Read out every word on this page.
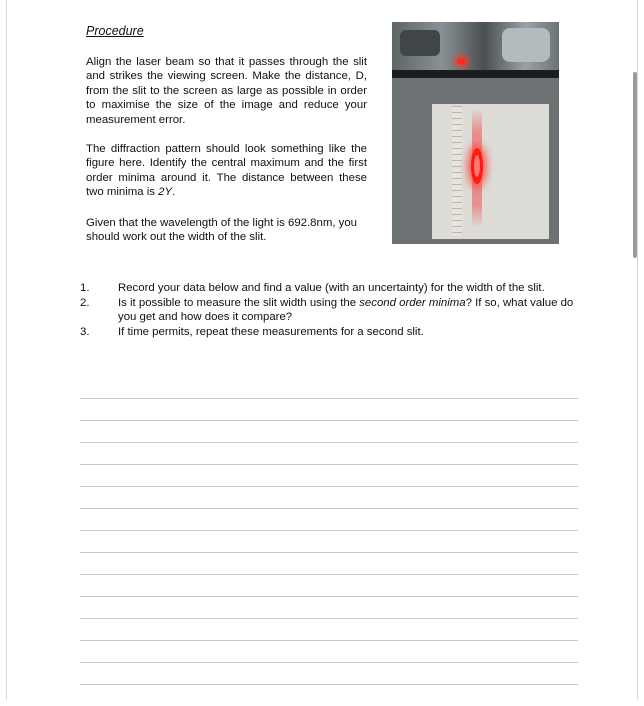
Procedure

Align the laser beam so that it passes through the slit and strikes the viewing screen. Make the distance, D, from the slit to the screen as large as possible in order to maximise the size of the image and reduce your measurement error.

The diffraction pattern should look something like the figure here. Identify the central maximum and the first order minima around it. The distance between these two minima is 2Y.

Given that the wavelength of the light is 692.8nm, you should work out the width of the slit.

1.	Record your data below and find a value (with an uncertainty) for the width of the slit.
2.	Is it possible to measure the slit width using the second order minima? If so, what value do you get and how does it compare?
3.	If time permits, repeat these measurements for a second slit.
